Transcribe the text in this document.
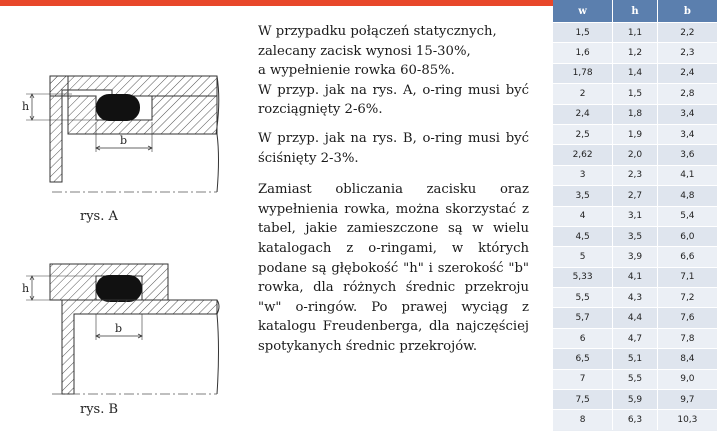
h
b
rys. A
h
b
rys. B

W przypadku połączeń statycznych,
zalecany zacisk wynosi 15-30%,
a wypełnienie rowka 60-85%.

W przyp. jak na rys. A, o-ring musi być rozciągnięty 2-6%.

W przyp. jak na rys. B, o-ring musi być ściśnięty 2-3%.

Zamiast obliczania zacisku oraz wypełnienia rowka, można skorzystać z tabel, jakie zamieszczone są w wielu katalogach z o-ringami, w których podane są głębokość "h" i szerokość "b" rowka, dla różnych średnic przekroju "w" o-ringów. Po prawej wyciąg z katalogu Freudenberga, dla najczęściej spotykanych średnic przekrojów.

w	h	b
1,5	1,1	2,2
1,6	1,2	2,3
1,78	1,4	2,4
2	1,5	2,8
2,4	1,8	3,4
2,5	1,9	3,4
2,62	2,0	3,6
3	2,3	4,1
3,5	2,7	4,8
4	3,1	5,4
4,5	3,5	6,0
5	3,9	6,6
5,33	4,1	7,1
5,5	4,3	7,2
5,7	4,4	7,6
6	4,7	7,8
6,5	5,1	8,4
7	5,5	9,0
7,5	5,9	9,7
8	6,3	10,3
